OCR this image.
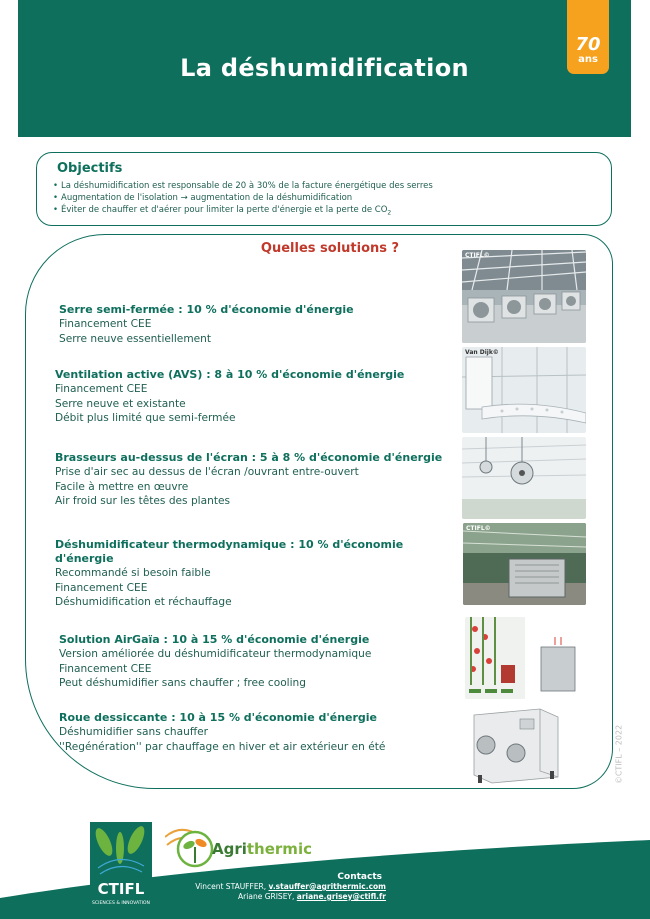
La déshumidification
70
ans
Objectifs
• La déshumidification est responsable de 20 à 30% de la facture énergétique des serres
• Augmentation de l'isolation → augmentation de la déshumidification
• Éviter de chauffer et d'aérer pour limiter la perte d'énergie et la perte de $CO_2$
Quelles solutions ?
Serre semi-fermée : 10 % d'économie d'énergie
Financement CEE
Serre neuve essentiellement
Ventilation active (AVS) : 8 à 10 % d'économie d'énergie
Financement CEE
Serre neuve et existante
Débit plus limité que semi-fermée
Brasseurs au-dessus de l'écran : 5 à 8 % d'économie d'énergie
Prise d'air sec au dessus de l'écran /ouvrant entre-ouvert
Facile à mettre en œuvre
Air froid sur les têtes des plantes
Déshumidificateur thermodynamique : 10 % d'économie d'énergie
Recommandé si besoin faible
Financement CEE
Déshumidification et réchauffage
Solution AirGaïa : 10 à 15 % d'économie d'énergie
Version améliorée du déshumidificateur thermodynamique
Financement CEE
Peut déshumidifier sans chauffer ; free cooling
Roue dessiccante : 10 à 15 % d'économie d'énergie
Déshumidifier sans chauffer
''Regénération'' par chauffage en hiver et air extérieur en été
CTIFL©
Van Dijk©
CTIFL©
©CTIFL – 2022
CTIFL
SCIENCES & INNOVATION
Agrithermic
Contacts
Vincent STAUFFER, v.stauffer@agrithermic.com
Ariane GRISEY, ariane.grisey@ctifl.fr
